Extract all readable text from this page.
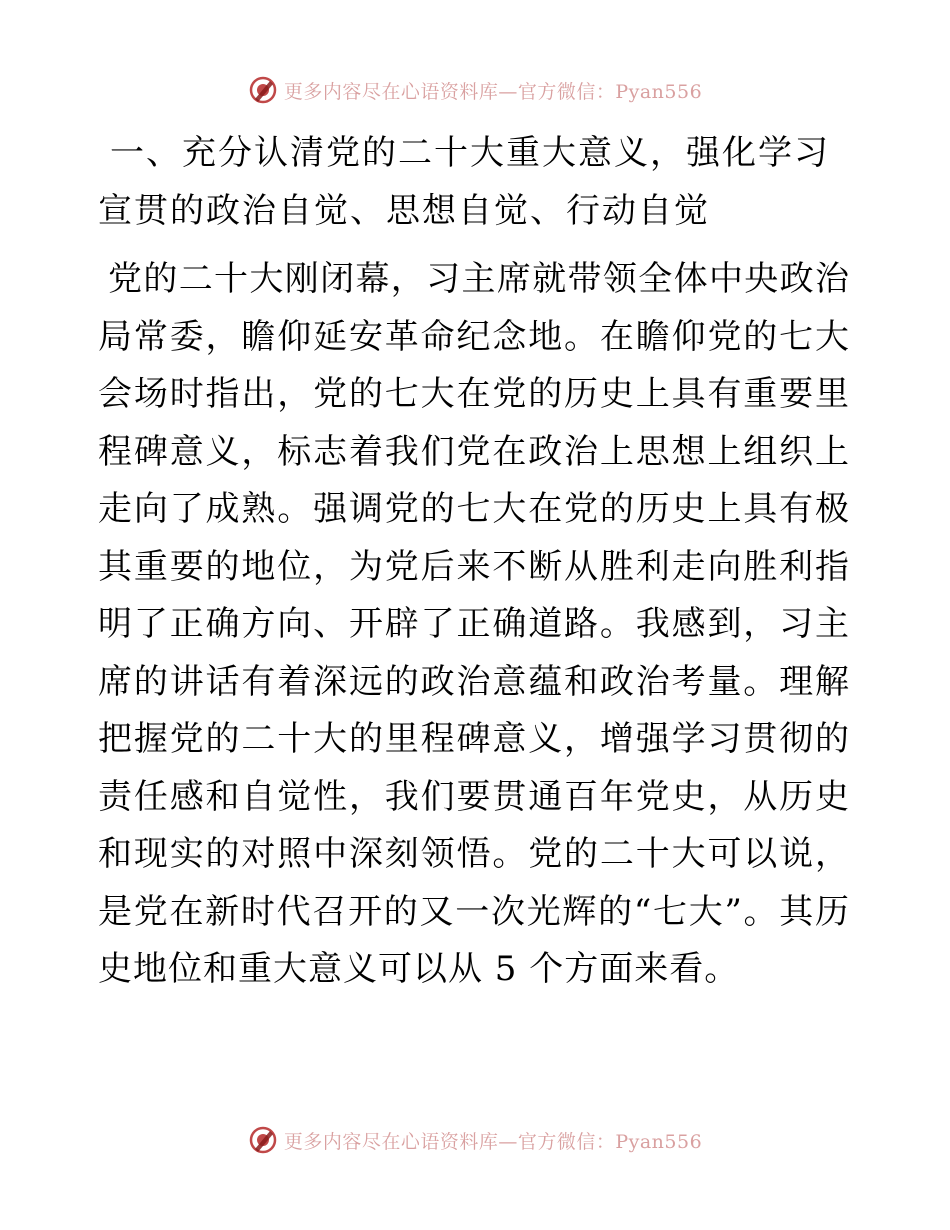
更多内容尽在心语资料库—官方微信：Pyan556
一、充分认清党的二十大重大意义，强化学习宣贯的政治自觉、思想自觉、行动自觉

党的二十大刚闭幕，习主席就带领全体中央政治局常委，瞻仰延安革命纪念地。在瞻仰党的七大会场时指出，党的七大在党的历史上具有重要里程碑意义，标志着我们党在政治上思想上组织上走向了成熟。强调党的七大在党的历史上具有极其重要的地位，为党后来不断从胜利走向胜利指明了正确方向、开辟了正确道路。我感到，习主席的讲话有着深远的政治意蕴和政治考量。理解把握党的二十大的里程碑意义，增强学习贯彻的责任感和自觉性，我们要贯通百年党史，从历史和现实的对照中深刻领悟。党的二十大可以说，是党在新时代召开的又一次光辉的“七大”。其历史地位和重大意义可以从 5 个方面来看。

更多内容尽在心语资料库—官方微信：Pyan556
